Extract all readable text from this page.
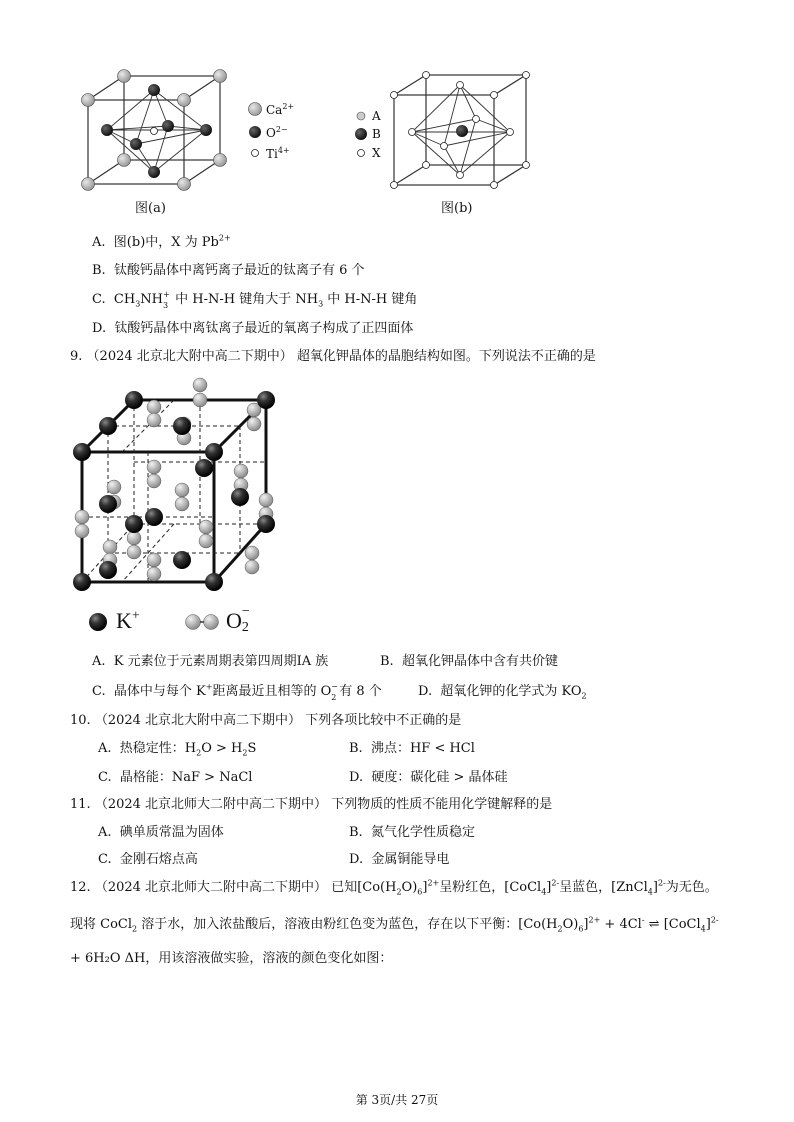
$Ca^{2+}$
$O^{2-}$
$Ti^{4+}$
图(a)
A
B
X
图(b)
A. 图(b)中，X 为 $Pb^{2+}$
B. 钛酸钙晶体中离钙离子最近的钛离子有 6 个
C. $CH_3NH$ +
3 中 H-N-H 键角大于 $NH_3$ 中 H-N-H 键角
D. 钛酸钙晶体中离钛离子最近的氧离子构成了正四面体
9. （2024 北京北大附中高二下期中） 超氧化钾晶体的晶胞结构如图。下列说法不正确的是
K+	O −
2
A. K 元素位于元素周期表第四周期ⅠA 族	B. 超氧化钾晶体中含有共价键
C. 晶体中与每个 K+距离最近且相等的 O −
2 有 8 个	D. 超氧化钾的化学式为 $KO_2$
10. （2024 北京北大附中高二下期中） 下列各项比较中不正确的是
A. 热稳定性：$H_2O > H_2S$	B. 沸点：HF < HCl
C. 晶格能：NaF > NaCl	D. 硬度：碳化硅 > 晶体硅
11. （2024 北京北师大二附中高二下期中） 下列物质的性质不能用化学键解释的是
A. 碘单质常温为固体	B. 氮气化学性质稳定
C. 金刚石熔点高	D. 金属铜能导电
12. （2024 北京北师大二附中高二下期中） 已知$[Co(H_2O)_6]^{2+}$呈粉红色，[CoCl$_4$]$^{2-}$呈蓝色，[ZnCl$_4$]$^{2-}$为无色。
现将 CoCl$_2$ 溶于水，加入浓盐酸后，溶液由粉红色变为蓝色，存在以下平衡：$[Co(H_2O)_6]^{2+} + 4Cl^-$ ⇌ [CoCl$_4$]$^{2-}$
+ 6H₂O ΔH，用该溶液做实验，溶液的颜色变化如图：
第 3页/共 27页
